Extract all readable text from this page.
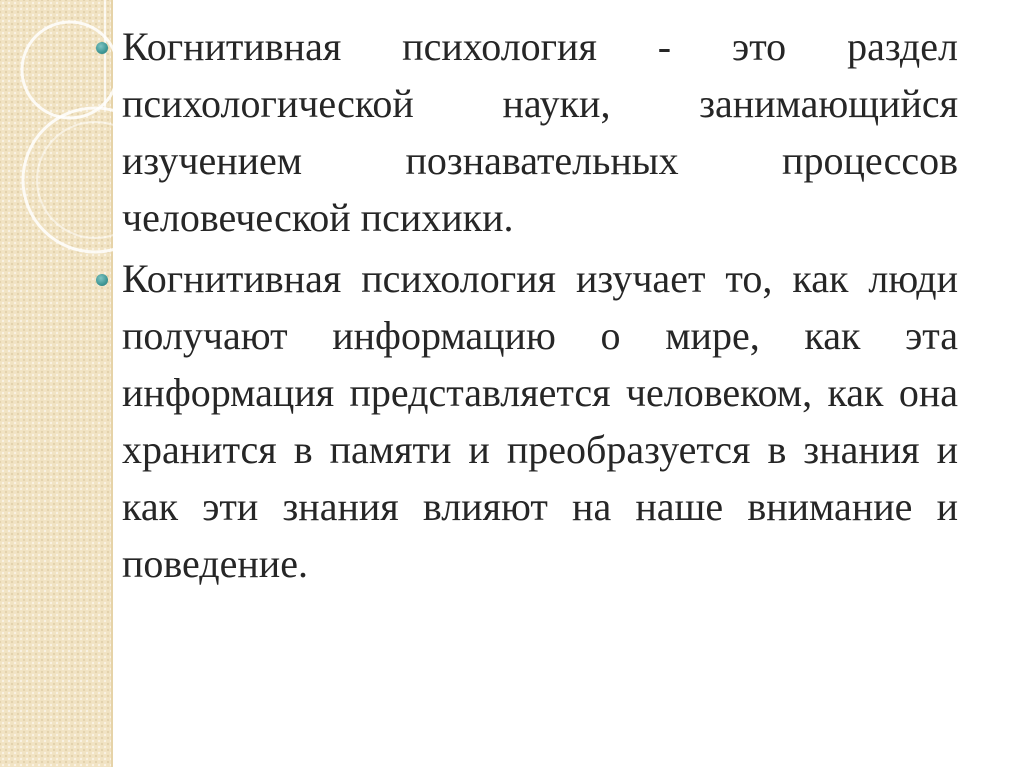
Когнитивная психология - это раздел психологической науки, занимающийся изучением познавательных процессов человеческой психики.

Когнитивная психология изучает то, как люди получают информацию о мире, как эта информация представляется человеком, как она хранится в памяти и преобразуется в знания и как эти знания влияют на наше внимание и поведение.
